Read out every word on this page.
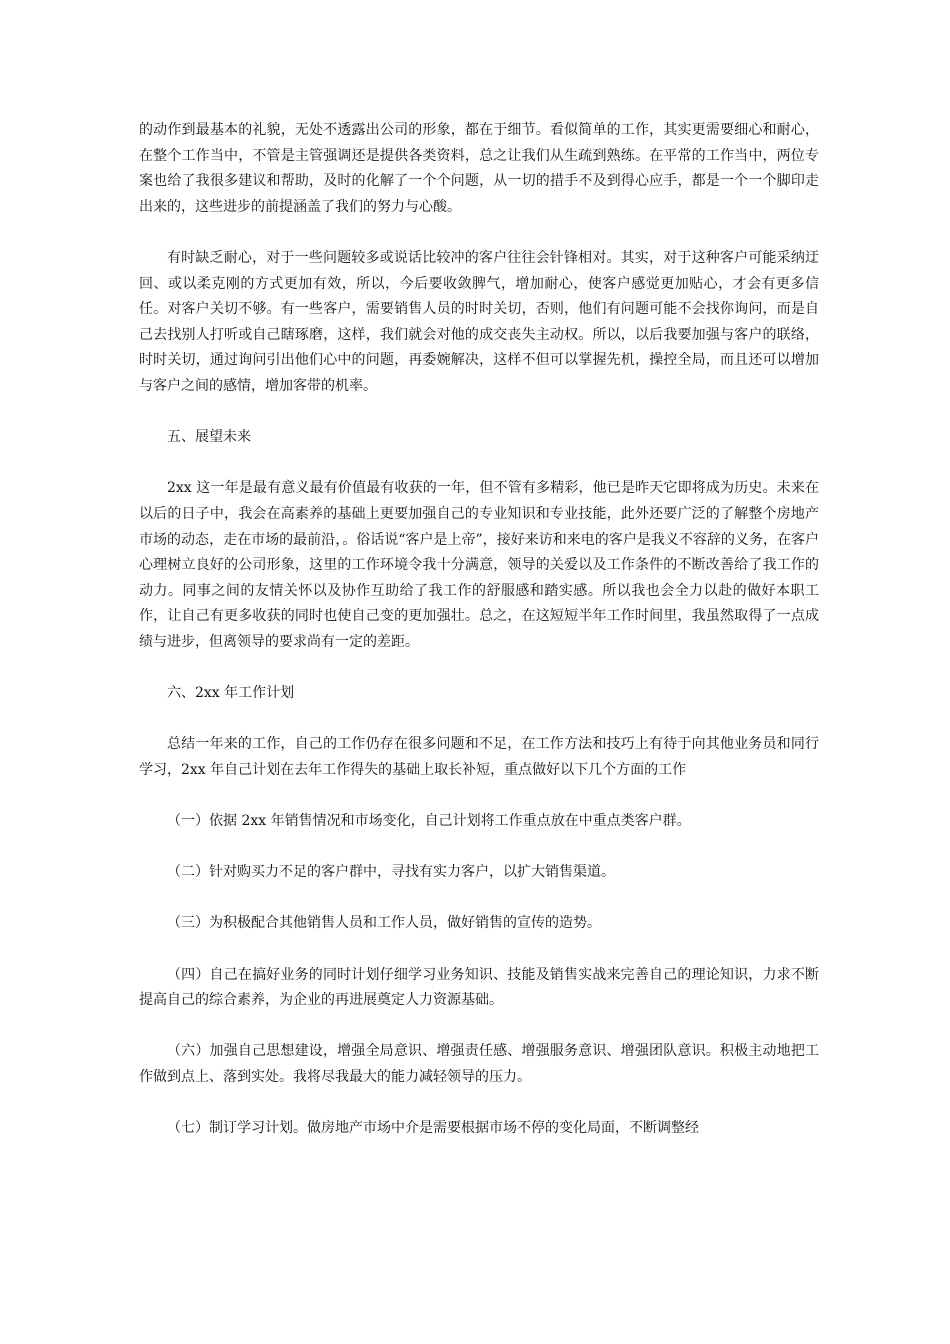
的动作到最基本的礼貌，无处不透露出公司的形象，都在于细节。看似简单的工作，其实更需要细心和耐心，在整个工作当中，不管是主管强调还是提供各类资料，总之让我们从生疏到熟练。在平常的工作当中，两位专案也给了我很多建议和帮助，及时的化解了一个个问题，从一切的措手不及到得心应手，都是一个一个脚印走出来的，这些进步的前提涵盖了我们的努力与心酸。

有时缺乏耐心，对于一些问题较多或说话比较冲的客户往往会针锋相对。其实，对于这种客户可能采纳迂回、或以柔克刚的方式更加有效，所以，今后要收敛脾气，增加耐心，使客户感觉更加贴心，才会有更多信任。对客户关切不够。有一些客户，需要销售人员的时时关切，否则，他们有问题可能不会找你询问，而是自己去找别人打听或自己瞎琢磨，这样，我们就会对他的成交丧失主动权。所以，以后我要加强与客户的联络，时时关切，通过询问引出他们心中的问题，再委婉解决，这样不但可以掌握先机，操控全局，而且还可以增加与客户之间的感情，增加客带的机率。

五、展望未来

2xx 这一年是最有意义最有价值最有收获的一年，但不管有多精彩，他已是昨天它即将成为历史。未来在以后的日子中，我会在高素养的基础上更要加强自己的专业知识和专业技能，此外还要广泛的了解整个房地产市场的动态，走在市场的最前沿，。俗话说“客户是上帝”，接好来访和来电的客户是我义不容辞的义务，在客户心理树立良好的公司形象，这里的工作环境令我十分满意，领导的关爱以及工作条件的不断改善给了我工作的动力。同事之间的友情关怀以及协作互助给了我工作的舒服感和踏实感。所以我也会全力以赴的做好本职工作，让自己有更多收获的同时也使自己变的更加强壮。总之，在这短短半年工作时间里，我虽然取得了一点成绩与进步，但离领导的要求尚有一定的差距。

六、2xx 年工作计划

总结一年来的工作，自己的工作仍存在很多问题和不足，在工作方法和技巧上有待于向其他业务员和同行学习，2xx 年自己计划在去年工作得失的基础上取长补短，重点做好以下几个方面的工作

（一）依据 2xx 年销售情况和市场变化，自己计划将工作重点放在中重点类客户群。

（二）针对购买力不足的客户群中，寻找有实力客户，以扩大销售渠道。

（三）为积极配合其他销售人员和工作人员，做好销售的宣传的造势。

（四）自己在搞好业务的同时计划仔细学习业务知识、技能及销售实战来完善自己的理论知识，力求不断提高自己的综合素养，为企业的再进展奠定人力资源基础。

（六）加强自己思想建设，增强全局意识、增强责任感、增强服务意识、增强团队意识。积极主动地把工作做到点上、落到实处。我将尽我最大的能力减轻领导的压力。

（七）制订学习计划。做房地产市场中介是需要根据市场不停的变化局面，不断调整经
